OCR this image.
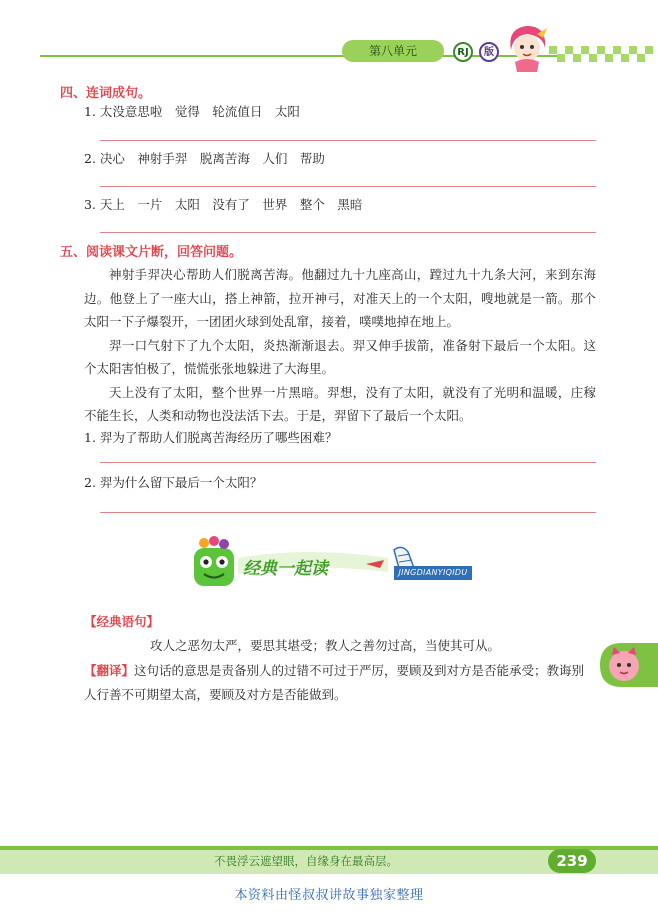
第八单元	RJ	版
四、连词成句。
1. 太没意思啦　觉得　轮流值日　太阳
2. 决心　神射手羿　脱离苦海　人们　帮助
3. 天上　一片　太阳　没有了　世界　整个　黑暗
五、阅读课文片断，回答问题。

神射手羿决心帮助人们脱离苦海。他翻过九十九座高山，蹚过九十九条大河，来到东海边。他登上了一座大山，搭上神箭，拉开神弓，对准天上的一个太阳，嗖地就是一箭。那个太阳一下子爆裂开，一团团火球到处乱窜，接着，噗噗地掉在地上。

羿一口气射下了九个太阳，炎热渐渐退去。羿又伸手拔箭，准备射下最后一个太阳。这个太阳害怕极了，慌慌张张地躲进了大海里。

天上没有了太阳，整个世界一片黑暗。羿想，没有了太阳，就没有了光明和温暖，庄稼不能生长，人类和动物也没法活下去。于是，羿留下了最后一个太阳。

1. 羿为了帮助人们脱离苦海经历了哪些困难？
2. 羿为什么留下最后一个太阳？
经典一起读	JINGDIANYIQIDU
【经典语句】
攻人之恶勿太严，要思其堪受；教人之善勿过高，当使其可从。
【翻译】这句话的意思是责备别人的过错不可过于严厉，要顾及到对方是否能承受；教诲别人行善不可期望太高，要顾及对方是否能做到。
不畏浮云遮望眼，自缘身在最高层。	239
本资料由怪叔叔讲故事独家整理
